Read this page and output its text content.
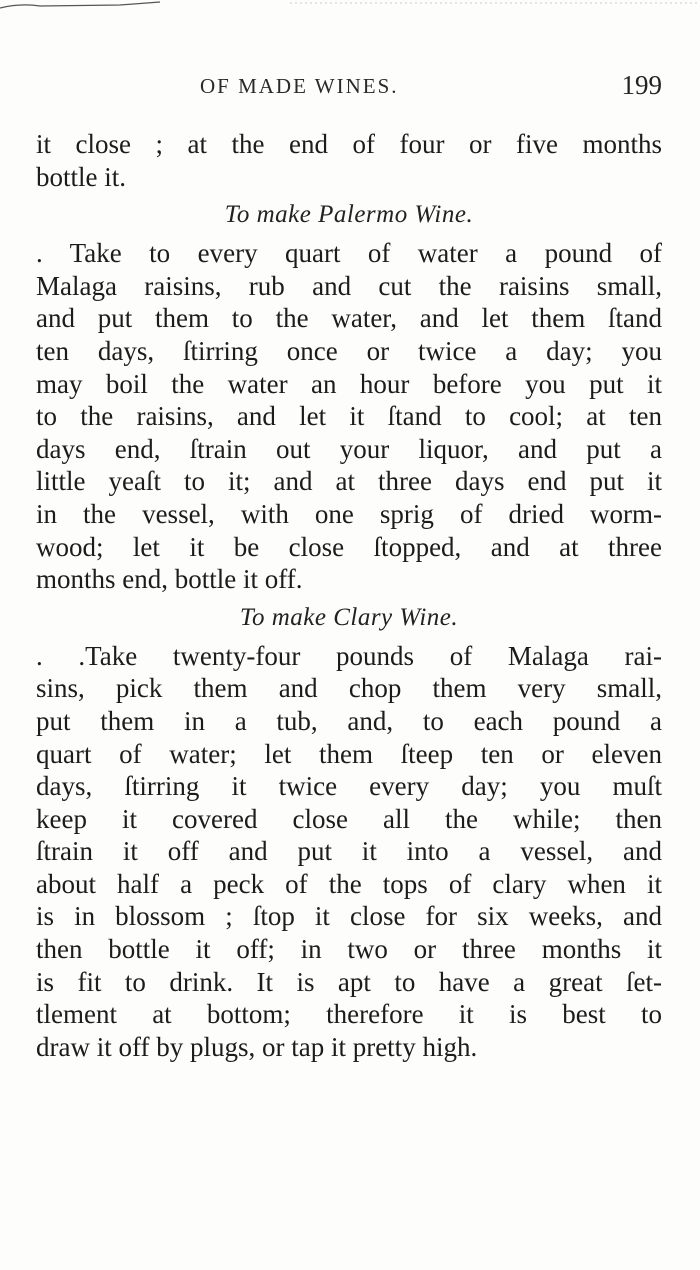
OF MADE WINES.	199
it close ; at the end of four or five months
bottle it.
To make Palermo Wine.
. Take to every quart of water a pound of
Malaga raisins, rub and cut the raisins small,
and put them to the water, and let them ſtand
ten days, ſtirring once or twice a day; you
may boil the water an hour before you put it
to the raisins, and let it ſtand to cool; at ten
days end, ſtrain out your liquor, and put a
little yeaſt to it; and at three days end put it
in the vessel, with one sprig of dried worm-
wood; let it be close ſtopped, and at three
months end, bottle it off.
To make Clary Wine.
. .Take twenty-four pounds of Malaga rai-
sins, pick them and chop them very small,
put them in a tub, and, to each pound a
quart of water; let them ſteep ten or eleven
days, ſtirring it twice every day; you muſt
keep it covered close all the while; then
ſtrain it off and put it into a vessel, and
about half a peck of the tops of clary when it
is in blossom ; ſtop it close for six weeks, and
then bottle it off; in two or three months it
is fit to drink. It is apt to have a great ſet-
tlement at bottom; therefore it is best to
draw it off by plugs, or tap it pretty high.
